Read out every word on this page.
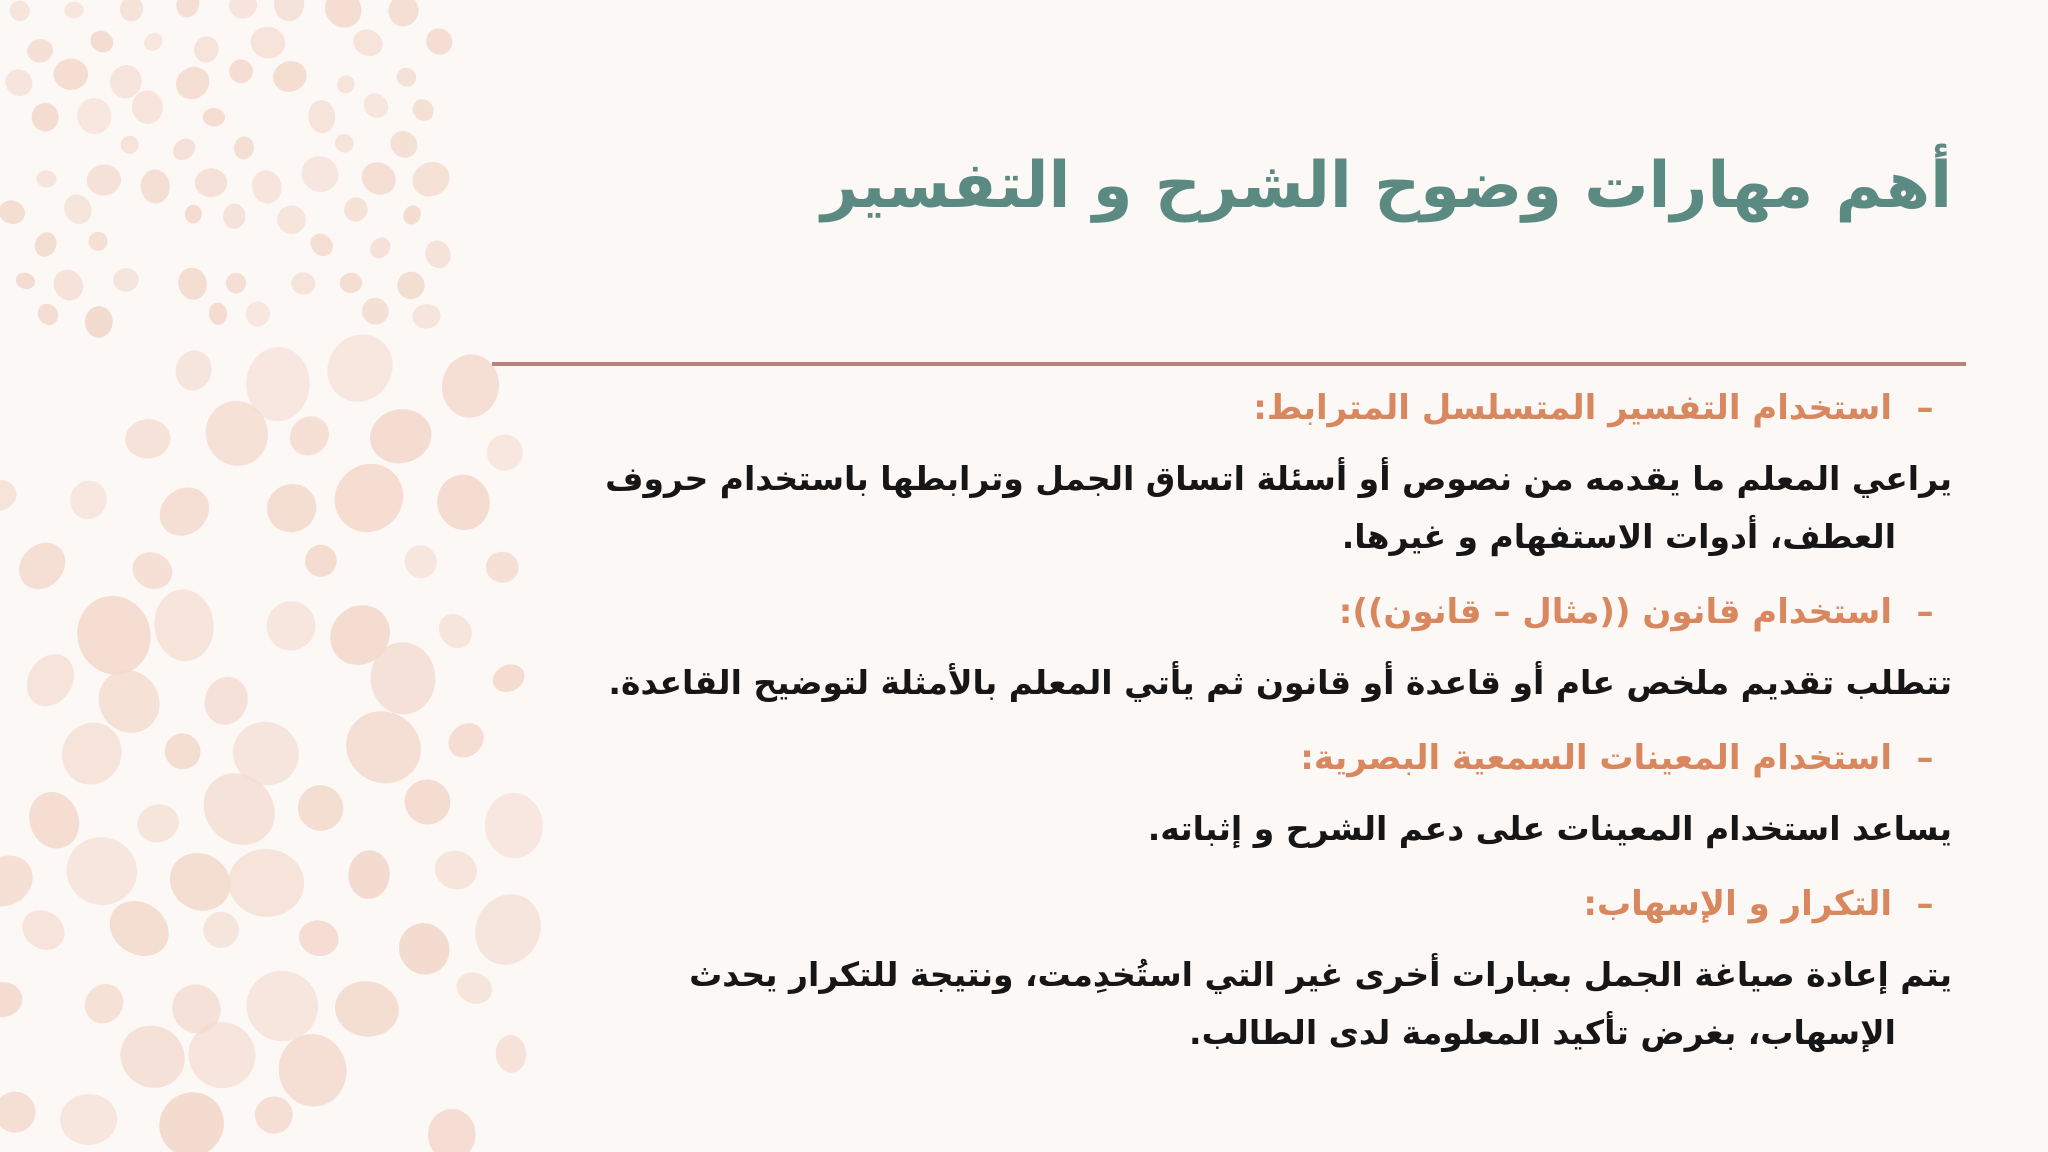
أهم مهارات وضوح الشرح و التفسير
–
استخدام التفسير المتسلسل المترابط:
يراعي المعلم ما يقدمه من نصوص أو أسئلة اتساق الجمل وترابطها باستخدام حروف
العطف، أدوات الاستفهام و غيرها.
–
استخدام قانون ((مثال – قانون)):
تتطلب تقديم ملخص عام أو قاعدة أو قانون ثم يأتي المعلم بالأمثلة لتوضيح القاعدة.
–
استخدام المعينات السمعية البصرية:
يساعد استخدام المعينات على دعم الشرح و إثباته.
–
التكرار و الإسهاب:
يتم إعادة صياغة الجمل بعبارات أخرى غير التي استُخدِمت، ونتيجة للتكرار يحدث
الإسهاب، بغرض تأكيد المعلومة لدى الطالب.
